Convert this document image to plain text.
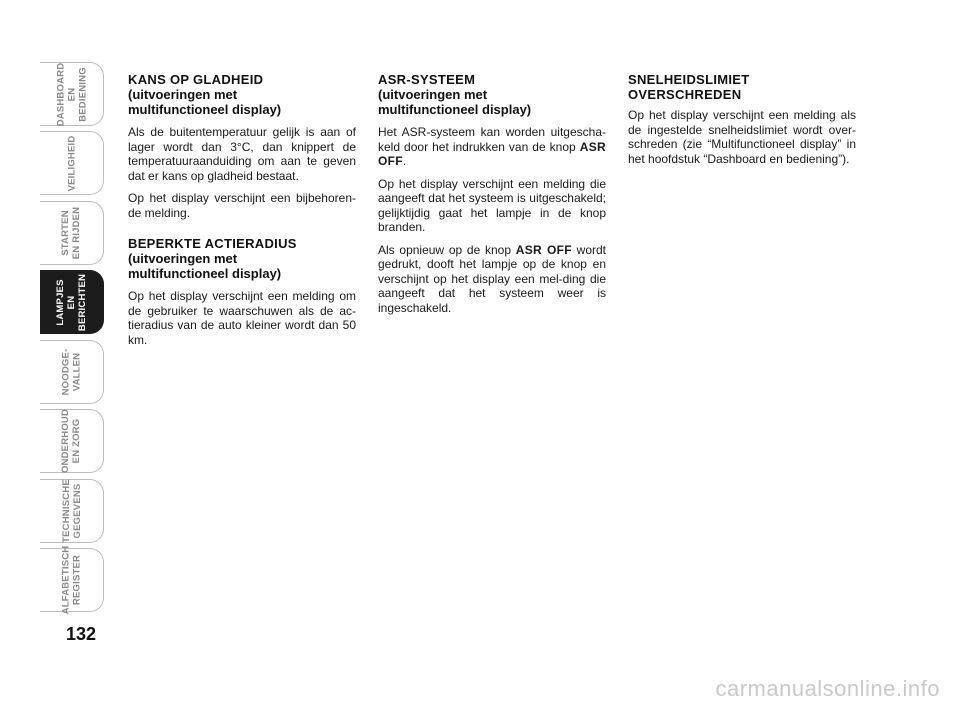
DASHBOARD
EN BEDIENING
VEILIGHEID
STARTEN
EN RIJDEN
LAMPJES
EN BERICHTEN
NOODGE-
VALLEN
ONDERHOUD
EN ZORG
TECHNISCHE
GEGEVENS
ALFABETISCH
REGISTER
132
KANS OP GLADHEID
(uitvoeringen met
multifunctioneel display)

Als de buitentemperatuur gelijk is aan of lager wordt dan 3°C, dan knippert de temperatuuraanduiding om aan te geven dat er kans op gladheid bestaat.

Op het display verschijnt een bijbehoren-de melding.

BEPERKTE ACTIERADIUS
(uitvoeringen met
multifunctioneel display)

Op het display verschijnt een melding om de gebruiker te waarschuwen als de ac-tieradius van de auto kleiner wordt dan 50 km.

ASR-SYSTEEM
(uitvoeringen met
multifunctioneel display)

Het ASR-systeem kan worden uitgescha-keld door het indrukken van de knop ASR OFF.

Op het display verschijnt een melding die aangeeft dat het systeem is uitgeschakeld; gelijktijdig gaat het lampje in de knop branden.

Als opnieuw op de knop ASR OFF wordt gedrukt, dooft het lampje op de knop en verschijnt op het display een mel-ding die aangeeft dat het systeem weer is ingeschakeld.

SNELHEIDSLIMIET
OVERSCHREDEN

Op het display verschijnt een melding als de ingestelde snelheidslimiet wordt over-schreden (zie “Multifunctioneel display” in het hoofdstuk “Dashboard en bediening”).

carmanualsonline.info
